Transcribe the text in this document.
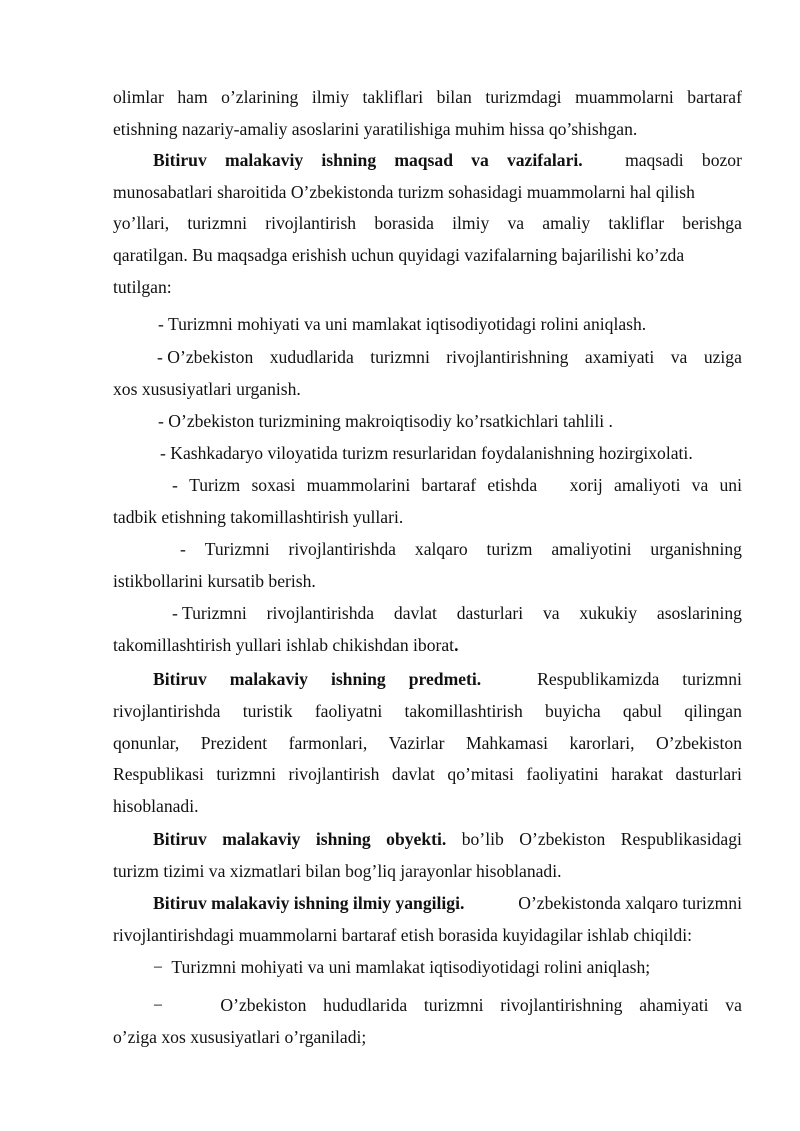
olimlar ham o’zlarining ilmiy takliflari bilan turizmdagi muammolarni bartaraf
etishning nazariy-amaliy asoslarini yaratilishiga muhim hissa qo’shishgan.
Bitiruv malakaviy ishning maqsad va vazifalari. maqsadi bozor
munosabatlari sharoitida O’zbekistonda turizm sohasidagi muammolarni hal qilish
yo’llari, turizmni rivojlantirish borasida ilmiy va amaliy takliflar berishga
qaratilgan. Bu maqsadga erishish uchun quyidagi vazifalarning bajarilishi ko’zda
tutilgan:
- Turizmni mohiyati va uni mamlakat iqtisodiyotidagi rolini aniqlash.
- O’zbekiston xududlarida turizmni rivojlantirishning axamiyati va uziga
xos xususiyatlari urganish.
- O’zbekiston turizmining makroiqtisodiy ko’rsatkichlari tahlili .
- Kashkadaryo viloyatida turizm resurlaridan foydalanishning hozirgixolati.
- Turizm soxasi muammolarini bartaraf etishda xorij amaliyoti va uni
tadbik etishning takomillashtirish yullari.
- Turizmni rivojlantirishda xalqaro turizm amaliyotini urganishning
istikbollarini kursatib berish.
- Turizmni rivojlantirishda davlat dasturlari va xukukiy asoslarining
takomillashtirish yullari ishlab chikishdan iborat.
Bitiruv malakaviy ishning predmeti.	Respublikamizda turizmni
rivojlantirishda turistik faoliyatni takomillashtirish buyicha qabul qilingan
qonunlar, Prezident farmonlari, Vazirlar Mahkamasi karorlari, O’zbekiston
Respublikasi turizmni rivojlantirish davlat qo’mitasi faoliyatini harakat dasturlari
hisoblanadi.
Bitiruv malakaviy ishning obyekti. bo’lib O’zbekiston Respublikasidagi
turizm tizimi va xizmatlari bilan bog’liq jarayonlar hisoblanadi.
Bitiruv malakaviy ishning ilmiy yangiligi.	O’zbekistonda xalqaro turizmni
rivojlantirishdagi muammolarni bartaraf etish borasida kuyidagilar ishlab chiqildi:
− Turizmni mohiyati va uni mamlakat iqtisodiyotidagi rolini aniqlash;
−	O’zbekiston hududlarida turizmni rivojlantirishning ahamiyati va
o’ziga xos xususiyatlari o’rganiladi;
